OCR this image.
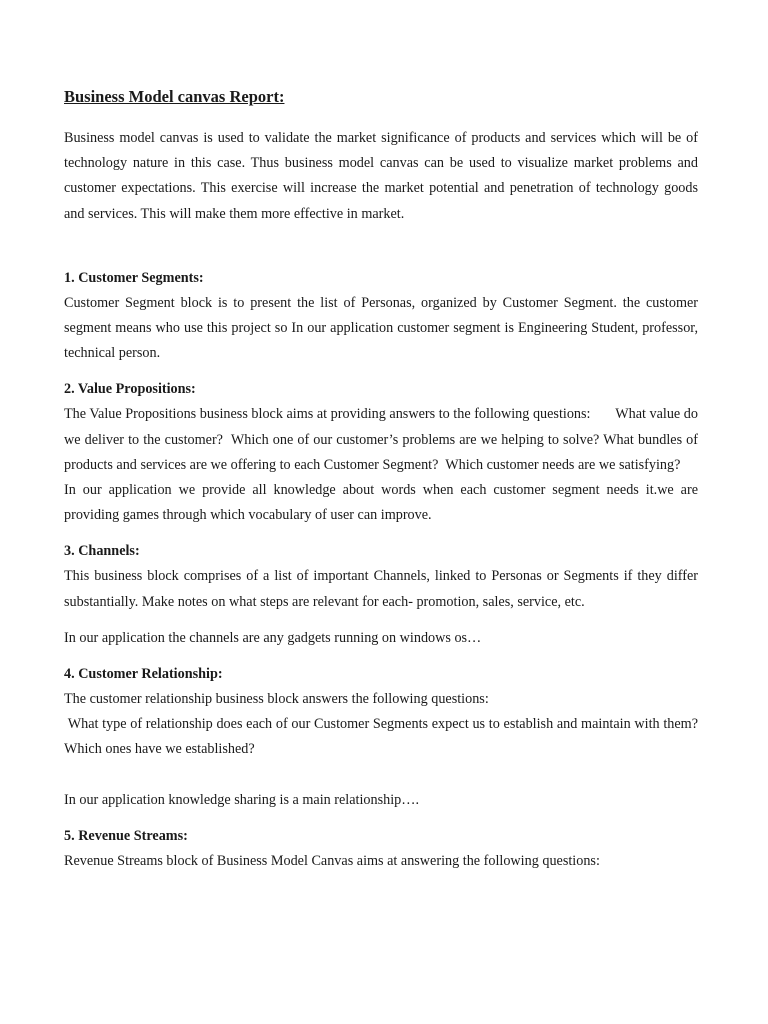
Business Model canvas Report:

Business model canvas is used to validate the market significance of products and services which will be of technology nature in this case. Thus business model canvas can be used to visualize market problems and customer expectations. This exercise will increase the market potential and penetration of technology goods and services. This will make them more effective in market.

1. Customer Segments:

Customer Segment block is to present the list of Personas, organized by Customer Segment. the customer segment means who use this project so In our application customer segment is Engineering Student, professor, technical person.

2. Value Propositions:

The Value Propositions business block aims at providing answers to the following questions:       What value do we deliver to the customer?  Which one of our customer’s problems are we helping to solve? What bundles of products and services are we offering to each Customer Segment?  Which customer needs are we satisfying?

In our application we provide all knowledge about words when each customer segment needs it.we are providing games through which vocabulary of user can improve.

3. Channels:

This business block comprises of a list of important Channels, linked to Personas or Segments if they differ substantially. Make notes on what steps are relevant for each- promotion, sales, service, etc.

In our application the channels are any gadgets running on windows os…

4. Customer Relationship:

The customer relationship business block answers the following questions:

What type of relationship does each of our Customer Segments expect us to establish and maintain with them?  Which ones have we established?

In our application knowledge sharing is a main relationship….

5. Revenue Streams:

Revenue Streams block of Business Model Canvas aims at answering the following questions:
